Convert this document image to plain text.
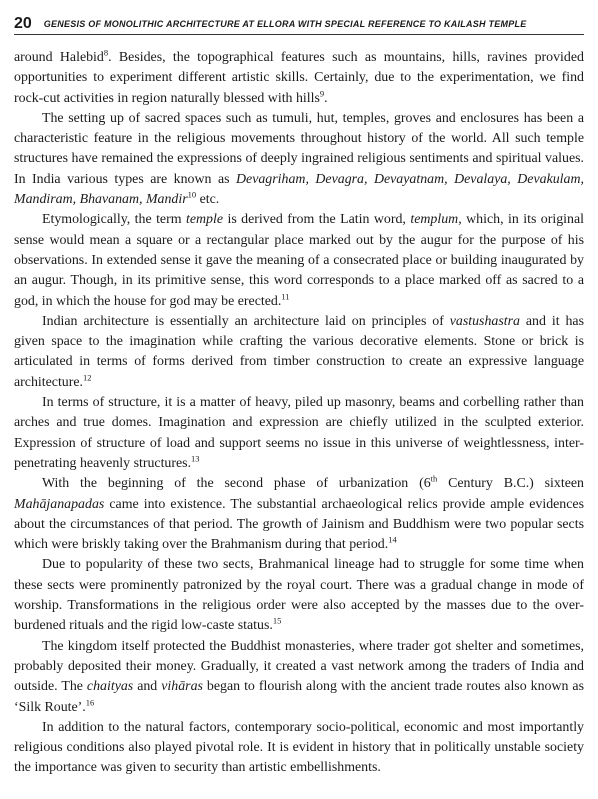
20 GENESIS OF MONOLITHIC ARCHITECTURE AT ELLORA WITH SPECIAL REFERENCE TO KAILASH TEMPLE

around Halebid$^8$. Besides, the topographical features such as mountains, hills, ravines provided opportunities to experiment different artistic skills. Certainly, due to the experimentation, we find rock-cut activities in region naturally blessed with hills$^9$.

The setting up of sacred spaces such as tumuli, hut, temples, groves and enclosures has been a characteristic feature in the religious movements throughout history of the world. All such temple structures have remained the expressions of deeply ingrained religious sentiments and spiritual values. In India various types are known as Devagriham, Devagra, Devayatnam, Devalaya, Devakulam, Mandiram, Bhavanam, Mandir$^{10}$ etc.

Etymologically, the term temple is derived from the Latin word, templum, which, in its original sense would mean a square or a rectangular place marked out by the augur for the purpose of his observations. In extended sense it gave the meaning of a consecrated place or building inaugurated by an augur. Though, in its primitive sense, this word corresponds to a place marked off as sacred to a god, in which the house for god may be erected.$^{11}$

Indian architecture is essentially an architecture laid on principles of vastushastra and it has given space to the imagination while crafting the various decorative elements. Stone or brick is articulated in terms of forms derived from timber construction to create an expressive language architecture.$^{12}$

In terms of structure, it is a matter of heavy, piled up masonry, beams and corbelling rather than arches and true domes. Imagination and expression are chiefly utilized in the sculpted exterior. Expression of structure of load and support seems no issue in this universe of weightlessness, inter-penetrating heavenly structures.$^{13}$

With the beginning of the second phase of urbanization (6th Century B.C.) sixteen Mahājanapadas came into existence. The substantial archaeological relics provide ample evidences about the circumstances of that period. The growth of Jainism and Buddhism were two popular sects which were briskly taking over the Brahmanism during that period.$^{14}$

Due to popularity of these two sects, Brahmanical lineage had to struggle for some time when these sects were prominently patronized by the royal court. There was a gradual change in mode of worship. Transformations in the religious order were also accepted by the masses due to the over-burdened rituals and the rigid low-caste status.$^{15}$

The kingdom itself protected the Buddhist monasteries, where trader got shelter and sometimes, probably deposited their money. Gradually, it created a vast network among the traders of India and outside. The chaityas and vihāras began to flourish along with the ancient trade routes also known as ‘Silk Route’.$^{16}$

In addition to the natural factors, contemporary socio-political, economic and most importantly religious conditions also played pivotal role. It is evident in history that in politically unstable society the importance was given to security than artistic embellishments.
